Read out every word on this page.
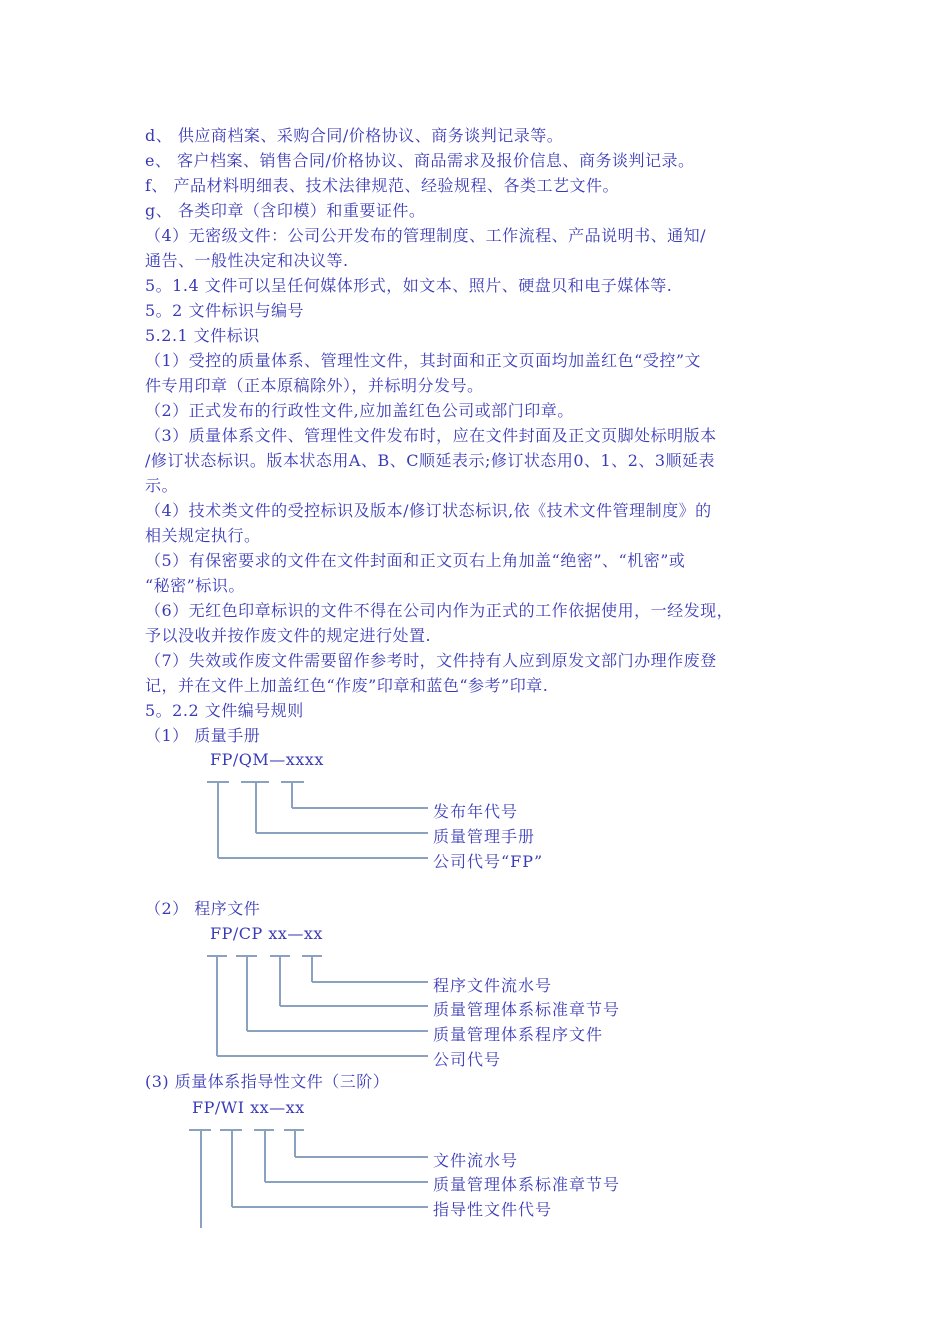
d、 供应商档案、采购合同/价格协议、商务谈判记录等。
e、 客户档案、销售合同/价格协议、商品需求及报价信息、商务谈判记录。
f、 产品材料明细表、技术法律规范、经验规程、各类工艺文件。
g、 各类印章（含印模）和重要证件。
（4）无密级文件：公司公开发布的管理制度、工作流程、产品说明书、通知/
通告、一般性决定和决议等.
5。1.4 文件可以呈任何媒体形式，如文本、照片、硬盘贝和电子媒体等.
5。2 文件标识与编号
5.2.1 文件标识
（1）受控的质量体系、管理性文件，其封面和正文页面均加盖红色“受控”文
件专用印章（正本原稿除外），并标明分发号。
（2）正式发布的行政性文件,应加盖红色公司或部门印章。
（3）质量体系文件、管理性文件发布时，应在文件封面及正文页脚处标明版本
/修订状态标识。版本状态用A、B、C顺延表示;修订状态用0、1、2、3顺延表
示。
（4）技术类文件的受控标识及版本/修订状态标识,依《技术文件管理制度》的
相关规定执行。
（5）有保密要求的文件在文件封面和正文页右上角加盖“绝密”、“机密”或
“秘密”标识。
（6）无红色印章标识的文件不得在公司内作为正式的工作依据使用，一经发现，
予以没收并按作废文件的规定进行处置.
（7）失效或作废文件需要留作参考时，文件持有人应到原发文部门办理作废登
记，并在文件上加盖红色“作废”印章和蓝色“参考”印章.
5。2.2 文件编号规则
（1） 质量手册
FP/QM—xxxx
发布年代号
质量管理手册
公司代号“FP”
（2） 程序文件
FP/CP xx—xx
程序文件流水号
质量管理体系标准章节号
质量管理体系程序文件
公司代号
(3) 质量体系指导性文件（三阶）
FP/WI xx—xx
文件流水号
质量管理体系标准章节号
指导性文件代号
